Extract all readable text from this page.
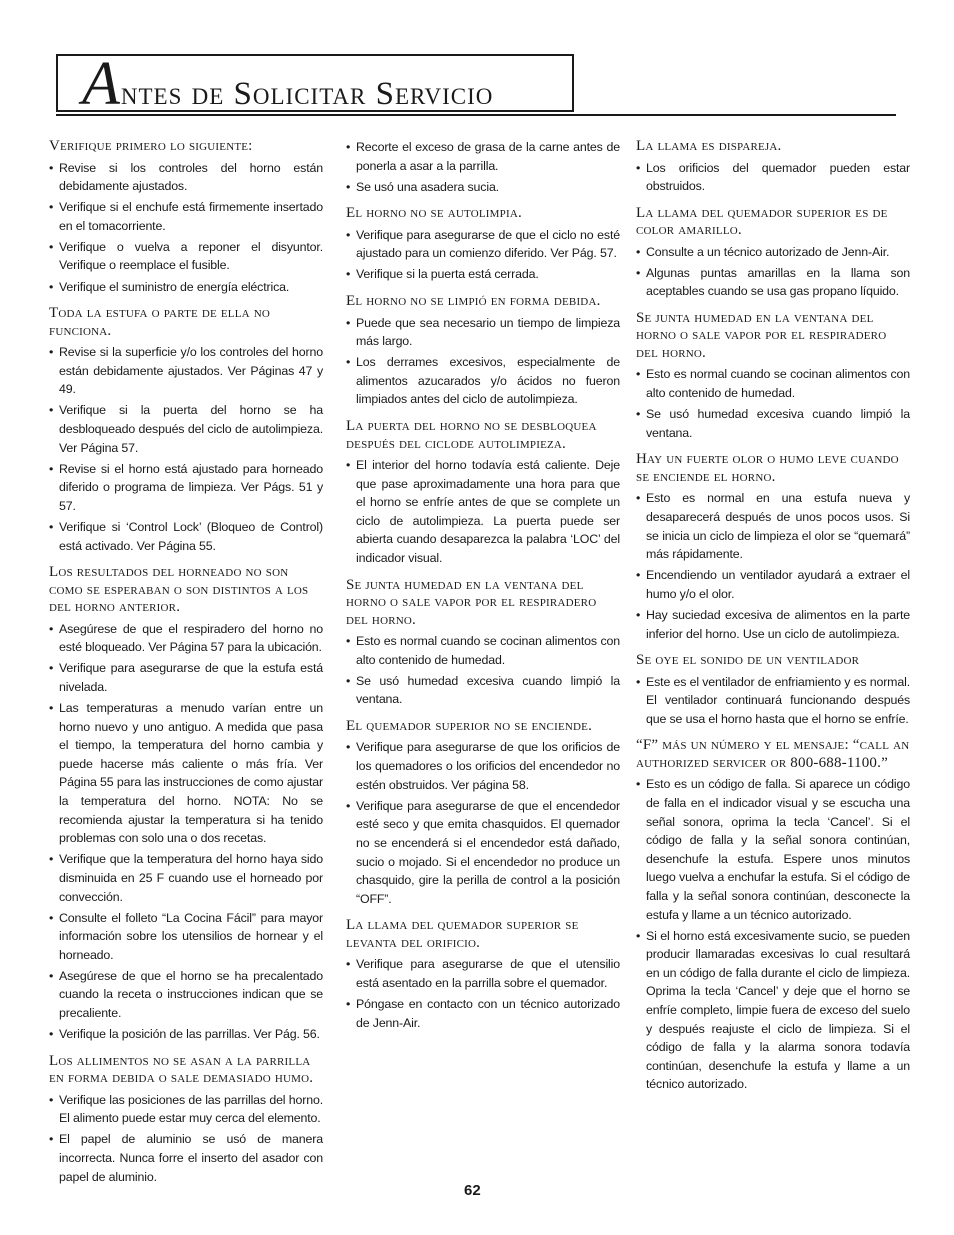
Antes de Solicitar Servicio
Verifique primero lo siguiente:
• Revise si los controles del horno están debidamente ajustados.
• Verifique si el enchufe está firmemente insertado en el tomacorriente.
• Verifique o vuelva a reponer el disyuntor. Verifique o reemplace el fusible.
• Verifique el suministro de energía eléctrica.
Toda la estufa o parte de ella no funciona.
• Revise si la superficie y/o los controles del horno están debidamente ajustados. Ver Páginas 47 y 49.
• Verifique si la puerta del horno se ha desbloqueado después del ciclo de autolimpieza. Ver Página 57.
• Revise si el horno está ajustado para horneado diferido o programa de limpieza. Ver Págs. 51 y 57.
• Verifique si ‘Control Lock’ (Bloqueo de Control) está activado. Ver Página 55.
Los resultados del horneado no son como se esperaban o son distintos a los del horno anterior.
• Asegúrese de que el respiradero del horno no esté bloqueado. Ver Página 57 para la ubicación.
• Verifique para asegurarse de que la estufa está nivelada.
• Las temperaturas a menudo varían entre un horno nuevo y uno antiguo. A medida que pasa el tiempo, la temperatura del horno cambia y puede hacerse más caliente o más fría. Ver Página 55 para las instrucciones de como ajustar la temperatura del horno. NOTA: No se recomienda ajustar la temperatura si ha tenido problemas con solo una o dos recetas.
• Verifique que la temperatura del horno haya sido disminuida en 25 F cuando use el horneado por convección.
• Consulte el folleto “La Cocina Fácil” para mayor información sobre los utensilios de hornear y el horneado.
• Asegúrese de que el horno se ha precalentado cuando la receta o instrucciones indican que se precaliente.
• Verifique la posición de las parrillas. Ver Pág. 56.
Los allimentos no se asan a la parrilla en forma debida o sale demasiado humo.
• Verifique las posiciones de las parrillas del horno. El alimento puede estar muy cerca del elemento.
• El papel de aluminio se usó de manera incorrecta. Nunca forre el inserto del asador con papel de aluminio.
• Recorte el exceso de grasa de la carne antes de ponerla a asar a la parrilla.
• Se usó una asadera sucia.
El horno no se autolimpia.
• Verifique para asegurarse de que el ciclo no esté ajustado para un comienzo diferido. Ver Pág. 57.
• Verifique si la puerta está cerrada.
El horno no se limpió en forma debida.
• Puede que sea necesario un tiempo de limpieza más largo.
• Los derrames excesivos, especialmente de alimentos azucarados y/o ácidos no fueron limpiados antes del ciclo de autolimpieza.
La puerta del horno no se desbloquea después del ciclode autolimpieza.
• El interior del horno todavía está caliente. Deje que pase aproximadamente una hora para que el horno se enfríe antes de que se complete un ciclo de autolimpieza. La puerta puede ser abierta cuando desaparezca la palabra ‘LOC’ del indicador visual.
Se junta humedad en la ventana del horno o sale vapor por el respiradero del horno.
• Esto es normal cuando se cocinan alimentos con alto contenido de humedad.
• Se usó humedad excesiva cuando limpió la ventana.
El quemador superior no se enciende.
• Verifique para asegurarse de que los orificios de los quemadores o los orificios del encendedor no estén obstruidos. Ver página 58.
• Verifique para asegurarse de que el encendedor esté seco y que emita chasquidos. El quemador no se encenderá si el encendedor está dañado, sucio o mojado. Si el encendedor no produce un chasquido, gire la perilla de control a la posición “OFF”.
La llama del quemador superior se levanta del orificio.
• Verifique para asegurarse de que el utensilio está asentado en la parrilla sobre el quemador.
• Póngase en contacto con un técnico autorizado de Jenn-Air.
La llama es dispareja.
• Los orificios del quemador pueden estar obstruidos.
La llama del quemador superior es de color amarillo.
• Consulte a un técnico autorizado de Jenn-Air.
• Algunas puntas amarillas en la llama son aceptables cuando se usa gas propano líquido.
Se junta humedad en la ventana del horno o sale vapor por el respiradero del horno.
• Esto es normal cuando se cocinan alimentos con alto contenido de humedad.
• Se usó humedad excesiva cuando limpió la ventana.
Hay un fuerte olor o humo leve cuando se enciende el horno.
• Esto es normal en una estufa nueva y desaparecerá después de unos pocos usos. Si se inicia un ciclo de limpieza el olor se “quemará” más rápidamente.
• Encendiendo un ventilador ayudará a extraer el humo y/o el olor.
• Hay suciedad excesiva de alimentos en la parte inferior del horno. Use un ciclo de autolimpieza.
Se oye el sonido de un ventilador
• Este es el ventilador de enfriamiento y es normal. El ventilador continuará funcionando después que se usa el horno hasta que el horno se enfríe.
“F” más un número y el mensaje: “call an authorized servicer or 800-688-1100.”
• Esto es un código de falla. Si aparece un código de falla en el indicador visual y se escucha una señal sonora, oprima la tecla ‘Cancel’. Si el código de falla y la señal sonora continúan, desenchufe la estufa. Espere unos minutos luego vuelva a enchufar la estufa. Si el código de falla y la señal sonora continúan, desconecte la estufa y llame a un técnico autorizado.
• Si el horno está excesivamente sucio, se pueden producir llamaradas excesivas lo cual resultará en un código de falla durante el ciclo de limpieza. Oprima la tecla ‘Cancel’ y deje que el horno se enfríe completo, limpie fuera de exceso del suelo y después reajuste el ciclo de limpieza. Si el código de falla y la alarma sonora todavía continúan, desenchufe la estufa y llame a un técnico autorizado.
62
